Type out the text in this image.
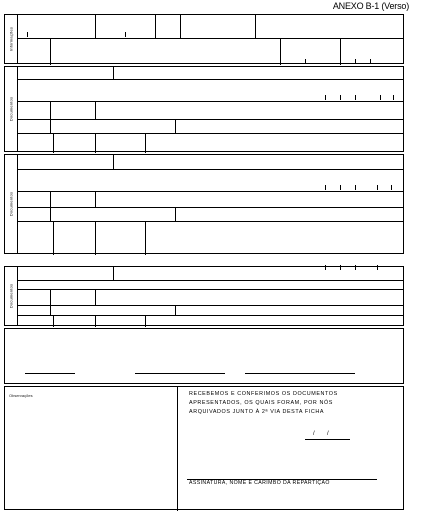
ANEXO B-1 (Verso)
Informações
Documentos
Documentos
Documentos
Observações
/ /
RECEBEMOS E CONFERIMOS OS DOCUMENTOS
APRESENTADOS, OS QUAIS FORAM, POR NÓS
ARQUIVADOS JUNTO À 2ª VIA DESTA FICHA
ASSINATURA, NOME E CARIMBO DA REPARTIÇÃO
